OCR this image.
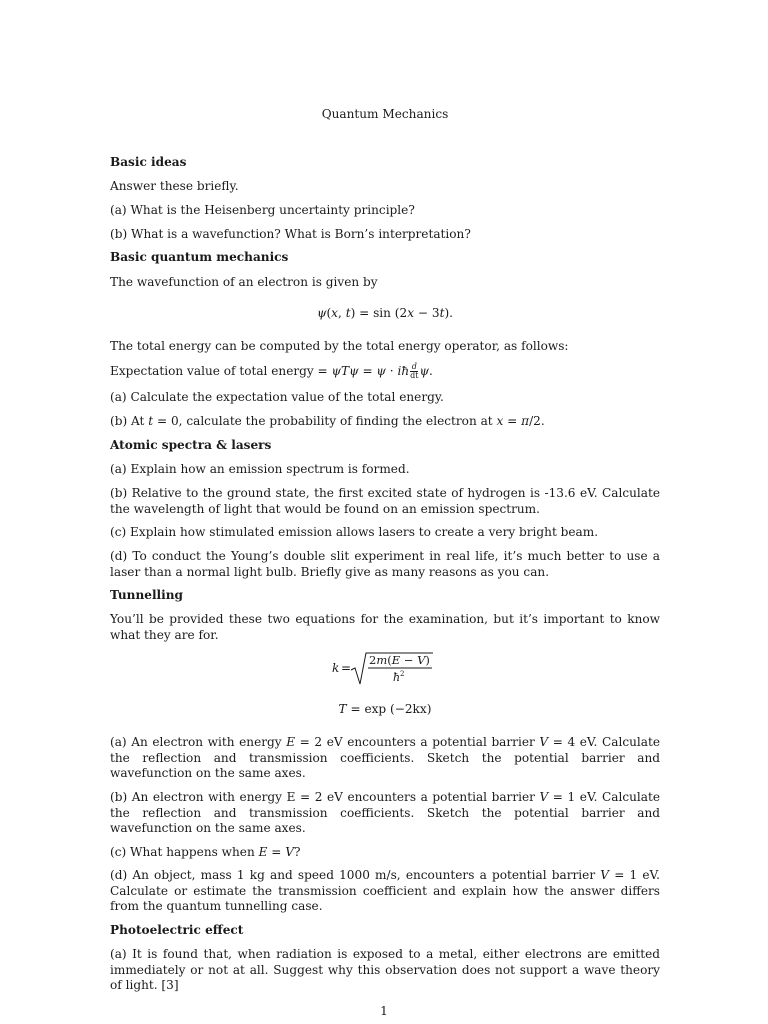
Quantum Mechanics
Basic ideas
Answer these briefly.
(a) What is the Heisenberg uncertainty principle?
(b) What is a wavefunction? What is Born’s interpretation?
Basic quantum mechanics
The wavefunction of an electron is given by
ψ(x, t) = sin (2x − 3t).
The total energy can be computed by the total energy operator, as follows:
Expectation value of total energy = ψTψ = ψ · iħ $\frac{d}{dt} \psi$.
(a) Calculate the expectation value of the total energy.
(b) At t = 0, calculate the probability of finding the electron at x = π/2.
Atomic spectra & lasers
(a) Explain how an emission spectrum is formed.
(b) Relative to the ground state, the first excited state of hydrogen is -13.6 eV. Calculate the wavelength of light that would be found on an emission spectrum.
(c) Explain how stimulated emission allows lasers to create a very bright beam.
(d) To conduct the Young’s double slit experiment in real life, it’s much better to use a laser than a normal light bulb. Briefly give as many reasons as you can.
Tunnelling
You’ll be provided these two equations for the examination, but it’s important to know what they are for.
k =
2m(E − V)
ħ 2
T = exp (−2kx)
(a) An electron with energy E = 2 eV encounters a potential barrier V = 4 eV. Calculate the reflection and transmission coefficients. Sketch the potential barrier and wavefunction on the same axes.
(b) An electron with energy E = 2 eV encounters a potential barrier V = 1 eV. Calculate the reflection and transmission coefficients. Sketch the potential barrier and wavefunction on the same axes.
(c) What happens when E = V?
(d) An object, mass 1 kg and speed 1000 m/s, encounters a potential barrier V = 1 eV. Calculate or estimate the transmission coefficient and explain how the answer differs from the quantum tunnelling case.
Photoelectric effect
(a) It is found that, when radiation is exposed to a metal, either electrons are emitted immediately or not at all. Suggest why this observation does not support a wave theory of light. [3]
1
